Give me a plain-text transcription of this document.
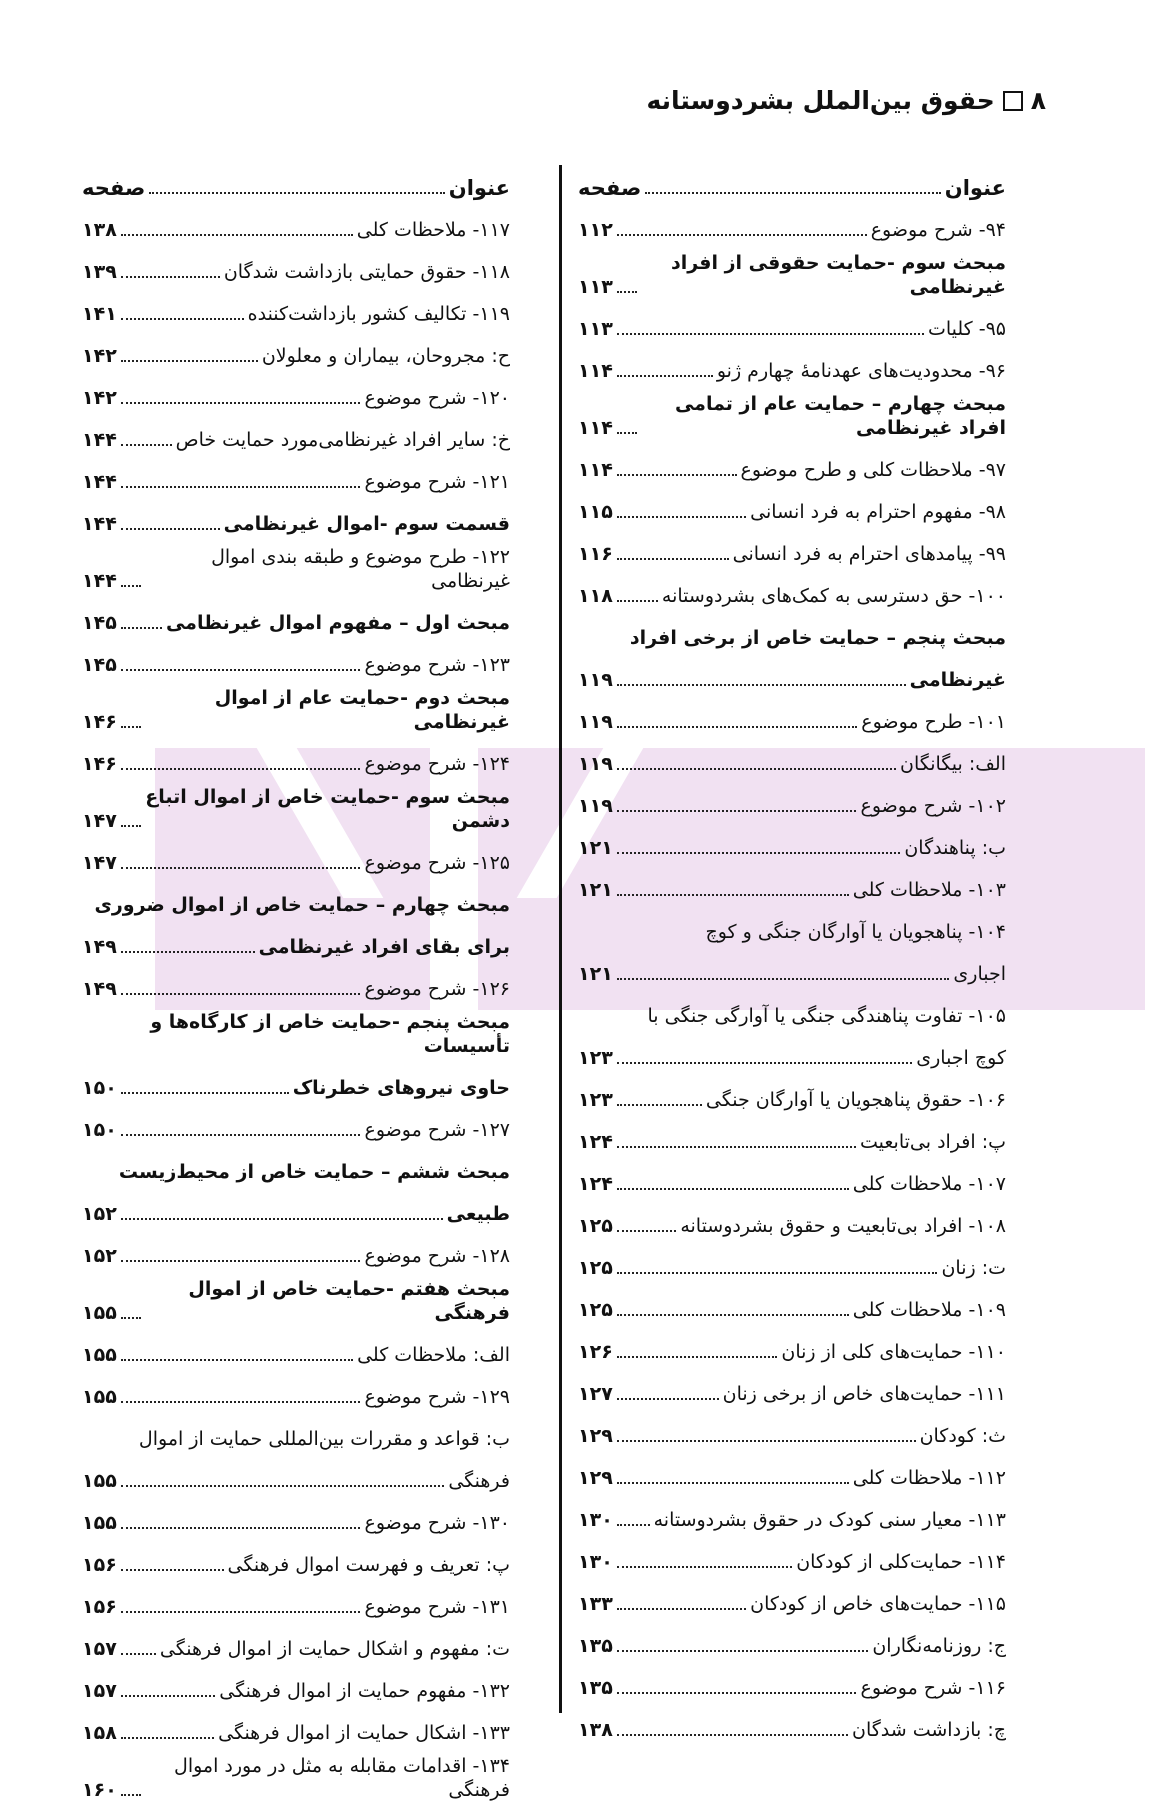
۸
حقوق بین‌الملل بشردوستانه
عنوان
صفحه
۹۴- شرح موضوع
۱۱۲
مبحث سوم -حمایت حقوقی از افراد غیرنظامی
۱۱۳
۹۵- کلیات
۱۱۳
۹۶- محدودیت‌های عهدنامهٔ چهارم ژنو
۱۱۴
مبحث چهارم – حمایت عام از تمامی افراد غیرنظامی
۱۱۴
۹۷- ملاحظات کلی و طرح موضوع
۱۱۴
۹۸- مفهوم احترام به فرد انسانی
۱۱۵
۹۹- پیامدهای احترام به فرد انسانی
۱۱۶
۱۰۰- حق دسترسی به کمک‌های بشردوستانه
۱۱۸
مبحث پنجم – حمایت خاص از برخی افراد
غیرنظامی
۱۱۹
۱۰۱- طرح موضوع
۱۱۹
الف: بیگانگان
۱۱۹
۱۰۲- شرح موضوع
۱۱۹
ب: پناهندگان
۱۲۱
۱۰۳- ملاحظات کلی
۱۲۱
۱۰۴- پناهجویان یا آوارگان جنگی و کوچ
اجباری
۱۲۱
۱۰۵- تفاوت پناهندگی جنگی یا آوارگی جنگی با
کوچ اجباری
۱۲۳
۱۰۶- حقوق پناهجویان یا آوارگان جنگی
۱۲۳
پ: افراد بی‌تابعیت
۱۲۴
۱۰۷- ملاحظات کلی
۱۲۴
۱۰۸- افراد بی‌تابعیت و حقوق بشردوستانه
۱۲۵
ت: زنان
۱۲۵
۱۰۹- ملاحظات کلی
۱۲۵
۱۱۰- حمایت‌های کلی از زنان
۱۲۶
۱۱۱- حمایت‌های خاص از برخی زنان
۱۲۷
ث: کودکان
۱۲۹
۱۱۲- ملاحظات کلی
۱۲۹
۱۱۳- معیار سنی کودک در حقوق بشردوستانه
۱۳۰
۱۱۴- حمایت‌کلی از کودکان
۱۳۰
۱۱۵- حمایت‌های خاص از کودکان
۱۳۳
ج: روزنامه‌نگاران
۱۳۵
۱۱۶- شرح موضوع
۱۳۵
چ: بازداشت شدگان
۱۳۸
عنوان
صفحه
۱۱۷- ملاحظات کلی
۱۳۸
۱۱۸- حقوق حمایتی بازداشت شدگان
۱۳۹
۱۱۹- تکالیف کشور بازداشت‌کننده
۱۴۱
ح: مجروحان، بیماران و معلولان
۱۴۲
۱۲۰- شرح موضوع
۱۴۲
خ: سایر افراد غیرنظامی‌مورد حمایت خاص
۱۴۴
۱۲۱- شرح موضوع
۱۴۴
قسمت سوم -اموال غیرنظامی
۱۴۴
۱۲۲- طرح موضوع و طبقه بندی اموال غیرنظامی
۱۴۴
مبحث اول – مفهوم اموال غیرنظامی
۱۴۵
۱۲۳- شرح موضوع
۱۴۵
مبحث دوم -حمایت عام از اموال غیرنظامی
۱۴۶
۱۲۴- شرح موضوع
۱۴۶
مبحث سوم -حمایت خاص از اموال اتباع دشمن
۱۴۷
۱۲۵- شرح موضوع
۱۴۷
مبحث چهارم – حمایت خاص از اموال ضروری
برای بقای افراد غیرنظامی
۱۴۹
۱۲۶- شرح موضوع
۱۴۹
مبحث پنجم -حمایت خاص از کارگاه‌ها و تأسیسات
حاوی نیروهای خطرناک
۱۵۰
۱۲۷- شرح موضوع
۱۵۰
مبحث ششم – حمایت خاص از محیط‌زیست
طبیعی
۱۵۲
۱۲۸- شرح موضوع
۱۵۲
مبحث هفتم -حمایت خاص از اموال فرهنگی
۱۵۵
الف: ملاحظات کلی
۱۵۵
۱۲۹- شرح موضوع
۱۵۵
ب: قواعد و مقررات بین‌المللی حمایت از اموال
فرهنگی
۱۵۵
۱۳۰- شرح موضوع
۱۵۵
پ: تعریف و فهرست اموال فرهنگی
۱۵۶
۱۳۱- شرح موضوع
۱۵۶
ت: مفهوم و اشکال حمایت از اموال فرهنگی
۱۵۷
۱۳۲- مفهوم حمایت از اموال فرهنگی
۱۵۷
۱۳۳- اشکال حمایت از اموال فرهنگی
۱۵۸
۱۳۴- اقدامات مقابله به مثل در مورد اموال فرهنگی
۱۶۰
